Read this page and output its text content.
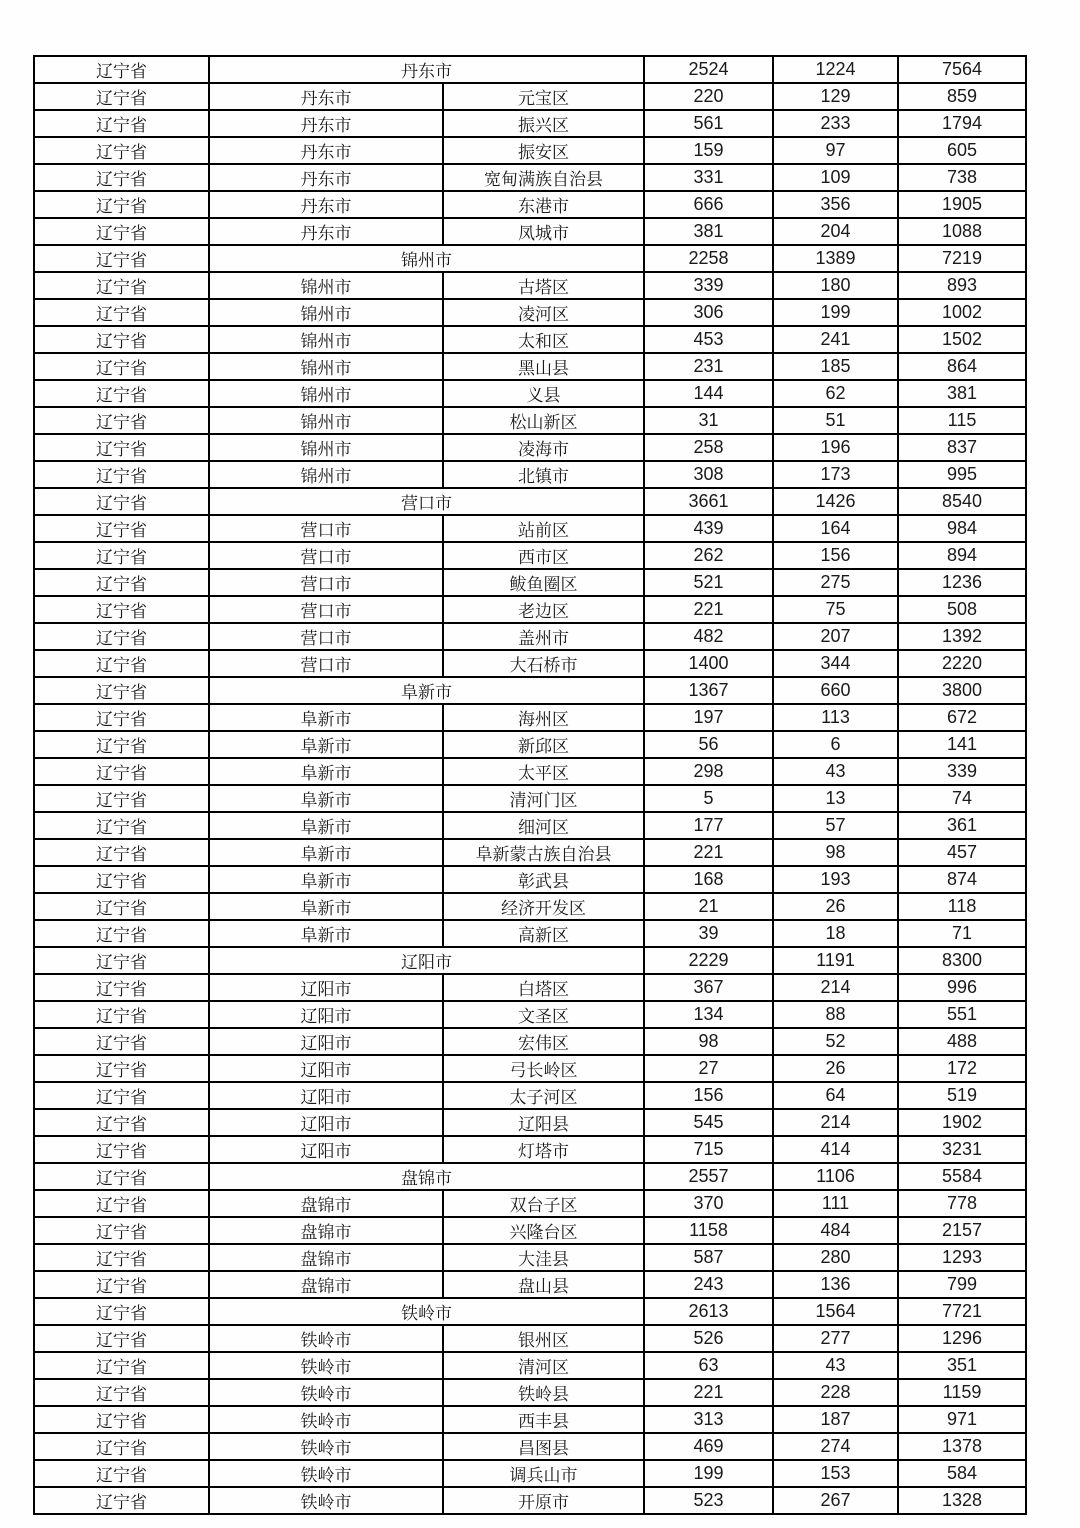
辽宁省	丹东市		2524	1224	7564
辽宁省	丹东市	元宝区	220	129	859
辽宁省	丹东市	振兴区	561	233	1794
辽宁省	丹东市	振安区	159	97	605
辽宁省	丹东市	宽甸满族自治县	331	109	738
辽宁省	丹东市	东港市	666	356	1905
辽宁省	丹东市	凤城市	381	204	1088
辽宁省	锦州市		2258	1389	7219
辽宁省	锦州市	古塔区	339	180	893
辽宁省	锦州市	凌河区	306	199	1002
辽宁省	锦州市	太和区	453	241	1502
辽宁省	锦州市	黑山县	231	185	864
辽宁省	锦州市	义县	144	62	381
辽宁省	锦州市	松山新区	31	51	115
辽宁省	锦州市	凌海市	258	196	837
辽宁省	锦州市	北镇市	308	173	995
辽宁省	营口市		3661	1426	8540
辽宁省	营口市	站前区	439	164	984
辽宁省	营口市	西市区	262	156	894
辽宁省	营口市	鲅鱼圈区	521	275	1236
辽宁省	营口市	老边区	221	75	508
辽宁省	营口市	盖州市	482	207	1392
辽宁省	营口市	大石桥市	1400	344	2220
辽宁省	阜新市		1367	660	3800
辽宁省	阜新市	海州区	197	113	672
辽宁省	阜新市	新邱区	56	6	141
辽宁省	阜新市	太平区	298	43	339
辽宁省	阜新市	清河门区	5	13	74
辽宁省	阜新市	细河区	177	57	361
辽宁省	阜新市	阜新蒙古族自治县	221	98	457
辽宁省	阜新市	彰武县	168	193	874
辽宁省	阜新市	经济开发区	21	26	118
辽宁省	阜新市	高新区	39	18	71
辽宁省	辽阳市		2229	1191	8300
辽宁省	辽阳市	白塔区	367	214	996
辽宁省	辽阳市	文圣区	134	88	551
辽宁省	辽阳市	宏伟区	98	52	488
辽宁省	辽阳市	弓长岭区	27	26	172
辽宁省	辽阳市	太子河区	156	64	519
辽宁省	辽阳市	辽阳县	545	214	1902
辽宁省	辽阳市	灯塔市	715	414	3231
辽宁省	盘锦市		2557	1106	5584
辽宁省	盘锦市	双台子区	370	111	778
辽宁省	盘锦市	兴隆台区	1158	484	2157
辽宁省	盘锦市	大洼县	587	280	1293
辽宁省	盘锦市	盘山县	243	136	799
辽宁省	铁岭市		2613	1564	7721
辽宁省	铁岭市	银州区	526	277	1296
辽宁省	铁岭市	清河区	63	43	351
辽宁省	铁岭市	铁岭县	221	228	1159
辽宁省	铁岭市	西丰县	313	187	971
辽宁省	铁岭市	昌图县	469	274	1378
辽宁省	铁岭市	调兵山市	199	153	584
辽宁省	铁岭市	开原市	523	267	1328
